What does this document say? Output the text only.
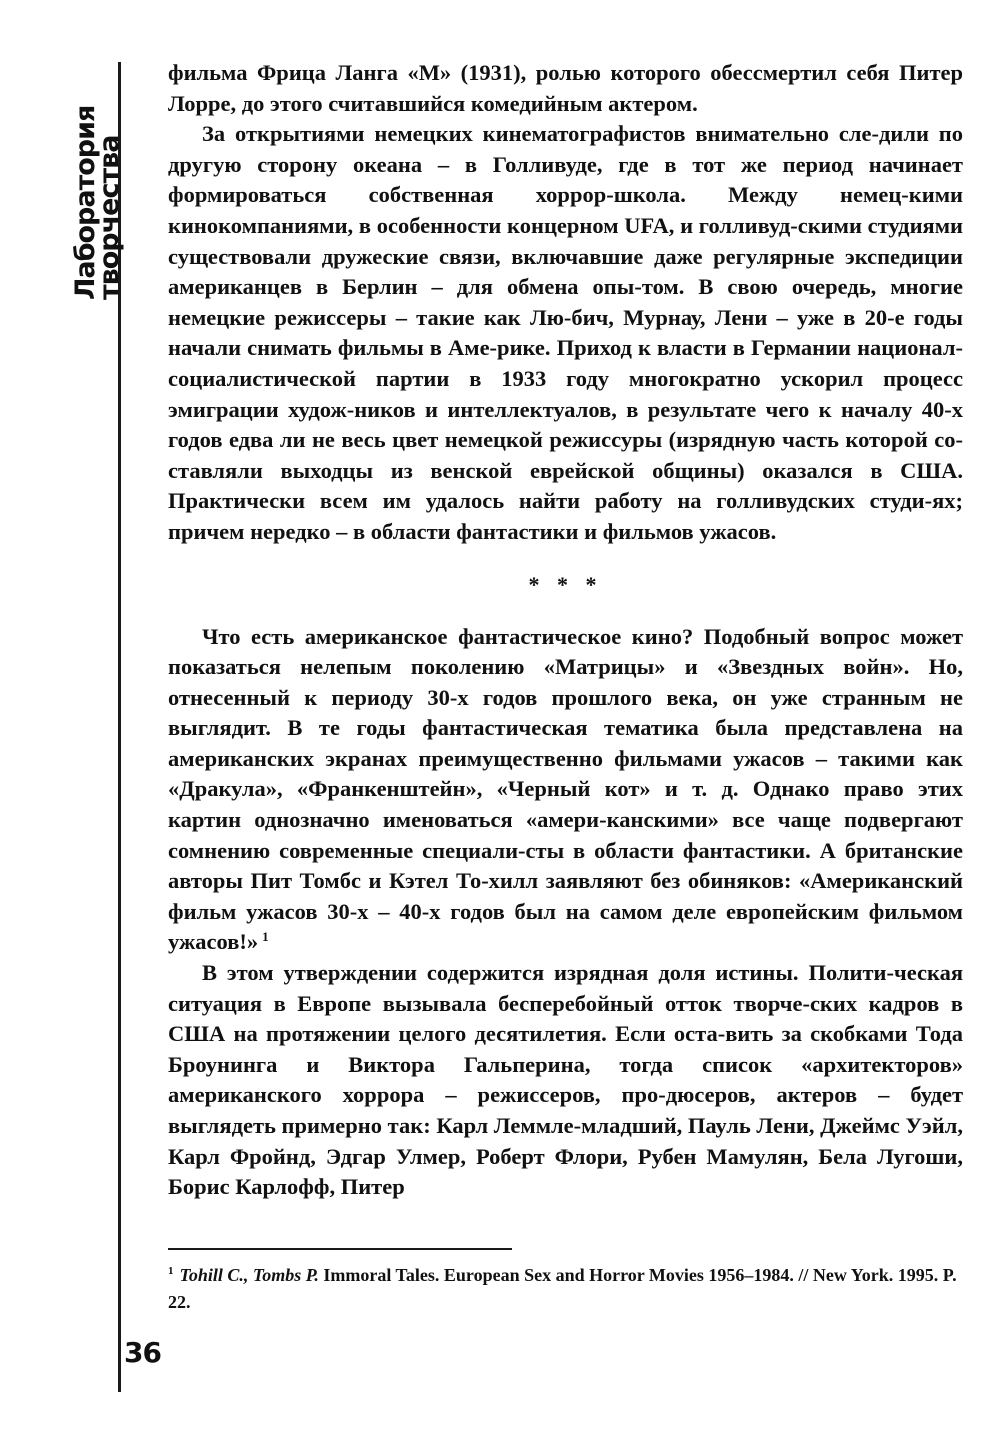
Лаборатория
творчества

фильма Фрица Ланга «М» (1931), ролью которого обессмертил себя Питер Лорре, до этого считавшийся комедийным актером.

За открытиями немецких кинематографистов внимательно сле-дили по другую сторону океана – в Голливуде, где в тот же период начинает формироваться собственная хоррор-школа. Между немец-кими кинокомпаниями, в особенности концерном UFA, и голливуд-скими студиями существовали дружеские связи, включавшие даже регулярные экспедиции американцев в Берлин – для обмена опы-том. В свою очередь, многие немецкие режиссеры – такие как Лю-бич, Мурнау, Лени – уже в 20-е годы начали снимать фильмы в Аме-рике. Приход к власти в Германии национал-социалистической партии в 1933 году многократно ускорил процесс эмиграции худож-ников и интеллектуалов, в результате чего к началу 40-х годов едва ли не весь цвет немецкой режиссуры (изрядную часть которой со-ставляли выходцы из венской еврейской общины) оказался в США. Практически всем им удалось найти работу на голливудских студи-ях; причем нередко – в области фантастики и фильмов ужасов.

* * *

Что есть американское фантастическое кино? Подобный вопрос может показаться нелепым поколению «Матрицы» и «Звездных войн». Но, отнесенный к периоду 30-х годов прошлого века, он уже странным не выглядит. В те годы фантастическая тематика была представлена на американских экранах преимущественно фильмами ужасов – такими как «Дракула», «Франкенштейн», «Черный кот» и т. д. Однако право этих картин однозначно именоваться «амери-канскими» все чаще подвергают сомнению современные специали-сты в области фантастики. А британские авторы Пит Томбс и Кэтел То-хилл заявляют без обиняков: «Американский фильм ужасов 30-х – 40-х годов был на самом деле европейским фильмом ужасов!» $^1$

В этом утверждении содержится изрядная доля истины. Полити-ческая ситуация в Европе вызывала бесперебойный отток творче-ских кадров в США на протяжении целого десятилетия. Если оста-вить за скобками Тода Броунинга и Виктора Гальперина, тогда список «архитекторов» американского хоррора – режиссеров, про-дюсеров, актеров – будет выглядеть примерно так: Карл Леммле-младший, Пауль Лени, Джеймс Уэйл, Карл Фройнд, Эдгар Улмер, Роберт Флори, Рубен Мамулян, Бела Лугоши, Борис Карлофф, Питер

$^1$ Tohill C., Tombs P. Immoral Tales. European Sex and Horror Movies 1956–1984. // New York. 1995. P. 22.
36
